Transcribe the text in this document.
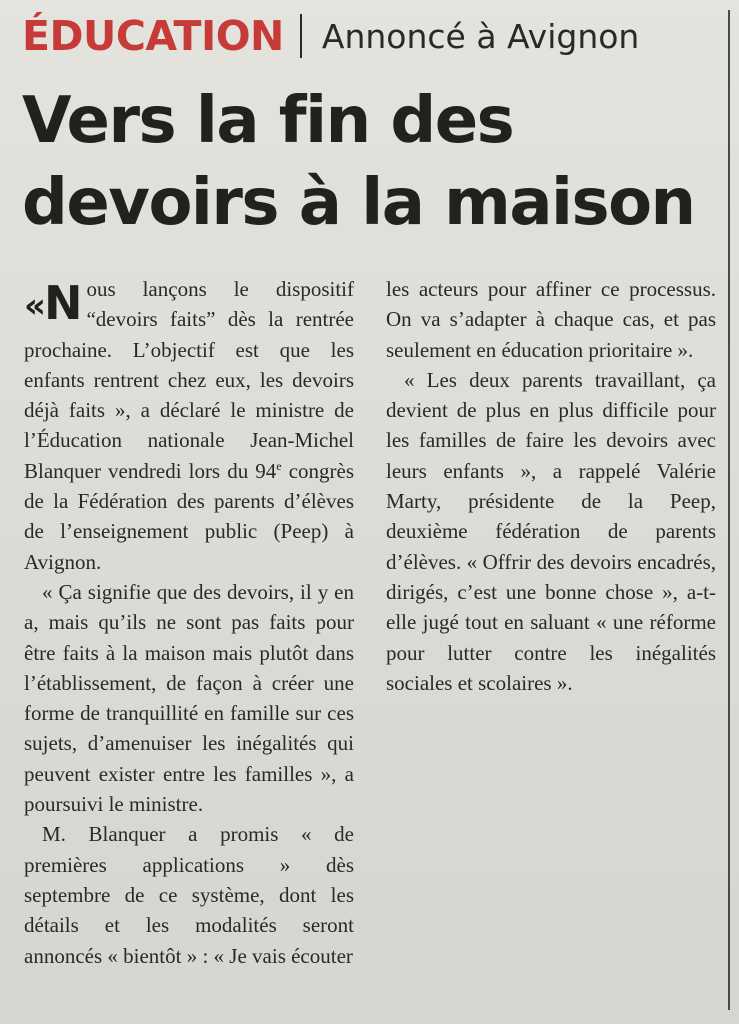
ÉDUCATION Annoncé à Avignon
Vers la fin des
devoirs à la maison

«N ous lançons le dispositif “devoirs faits” dès la rentrée prochaine. L’objectif est que les enfants rentrent chez eux, les devoirs déjà faits », a déclaré le ministre de l’Éducation nationale Jean-Michel Blanquer vendredi lors du 94e congrès de la Fédération des parents d’élèves de l’enseignement public (Peep) à Avignon.

« Ça signifie que des devoirs, il y en a, mais qu’ils ne sont pas faits pour être faits à la maison mais plutôt dans l’établissement, de façon à créer une forme de tranquillité en famille sur ces sujets, d’amenuiser les inégalités qui peuvent exister entre les familles », a poursuivi le ministre.

M. Blanquer a promis « de premières applications » dès septembre de ce système, dont les détails et les modalités seront annoncés « bientôt » : « Je vais écouter

les acteurs pour affiner ce processus. On va s’adapter à chaque cas, et pas seulement en éducation prioritaire ».

« Les deux parents travaillant, ça devient de plus en plus difficile pour les familles de faire les devoirs avec leurs enfants », a rappelé Valérie Marty, présidente de la Peep, deuxième fédération de parents d’élèves. « Offrir des devoirs encadrés, dirigés, c’est une bonne chose », a-t-elle jugé tout en saluant « une réforme pour lutter contre les inégalités sociales et scolaires ».
